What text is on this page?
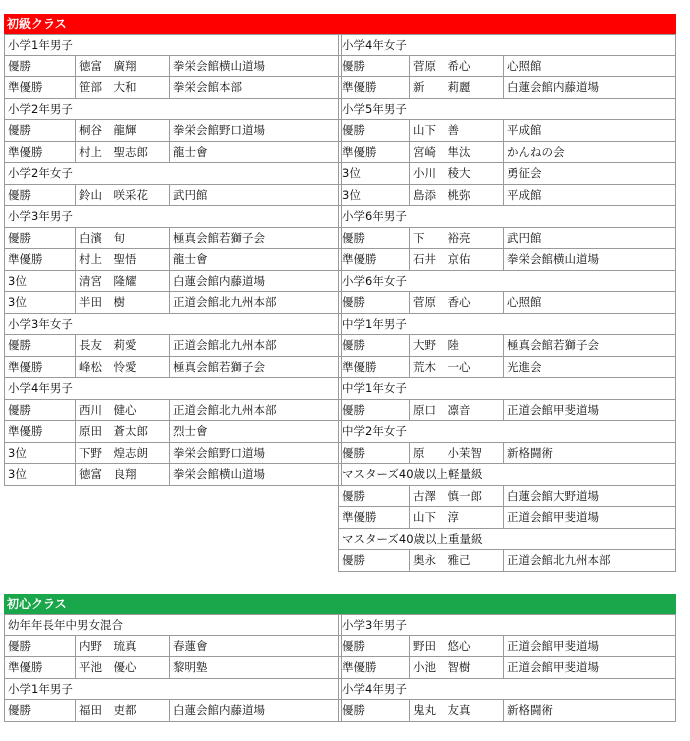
初級クラス
小学1年男子
優勝	徳富　廣翔	拳栄会館横山道場
準優勝	笹部　大和	拳栄会館本部
小学2年男子
優勝	桐谷　龍輝	拳栄会館野口道場
準優勝	村上　聖志郎	龍士會
小学2年女子
優勝	鈴山　咲采花	武円館
小学3年男子
優勝	白濱　旬	極真会館若獅子会
準優勝	村上　聖悟	龍士會
3位	清宮　隆耀	白蓮会館内藤道場
3位	半田　樹	正道会館北九州本部
小学3年女子
優勝	長友　莉愛	正道会館北九州本部
準優勝	峰松　怜愛	極真会館若獅子会
小学4年男子
優勝	西川　健心	正道会館北九州本部
準優勝	原田　蒼太郎	烈士會
3位	下野　煌志朗	拳栄会館野口道場
3位	徳富　良翔	拳栄会館横山道場
小学4年女子
優勝	菅原　希心	心照館
準優勝	新　　莉麗	白蓮会館内藤道場
小学5年男子
優勝	山下　善	平成館
準優勝	宮崎　隼汰	かんねの会
3位	小川　稜大	勇征会
3位	島添　桃弥	平成館
小学6年男子
優勝	下　　裕亮	武円館
準優勝	石井　京佑	拳栄会館横山道場
小学6年女子
優勝	菅原　香心	心照館
中学1年男子
優勝	大野　陸	極真会館若獅子会
準優勝	荒木　一心	光進会
中学1年女子
優勝	原口　凛音	正道会館甲斐道場
中学2年女子
優勝	原　　小茉智	新格闘術
マスターズ40歳以上軽量級
優勝	古澤　慎一郎	白蓮会館大野道場
準優勝	山下　淳	正道会館甲斐道場
マスターズ40歳以上重量級
優勝	奥永　雅己	正道会館北九州本部
初心クラス
幼年年長年中男女混合
優勝	内野　琉真	春蓮會
準優勝	平池　優心	黎明塾
小学1年男子
優勝	福田　吏都	白蓮会館内藤道場
小学3年男子
優勝	野田　悠心	正道会館甲斐道場
準優勝	小池　智樹	正道会館甲斐道場
小学4年男子
優勝	鬼丸　友真	新格闘術
